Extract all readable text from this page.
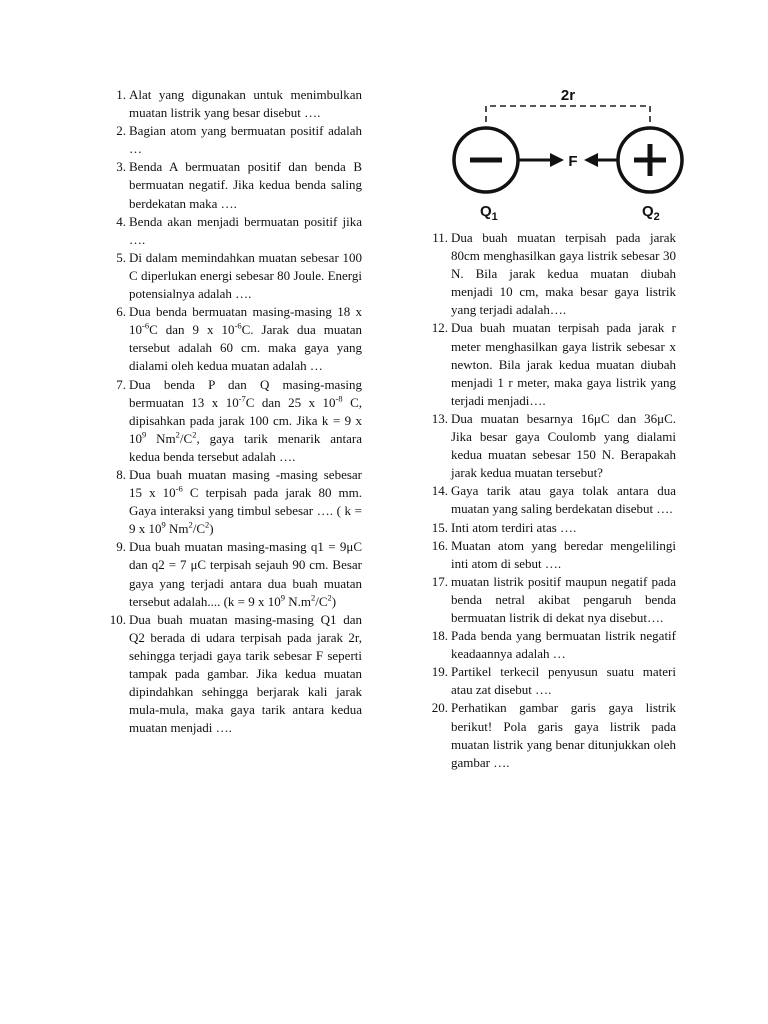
1. Alat yang digunakan untuk menimbulkan muatan listrik yang besar disebut ….
2. Bagian atom yang bermuatan positif adalah …
3. Benda A bermuatan positif dan benda B bermuatan negatif. Jika kedua benda saling berdekatan maka ….
4. Benda akan menjadi bermuatan positif jika ….
5. Di dalam memindahkan muatan sebesar 100 C diperlukan energi sebesar 80 Joule. Energi potensialnya adalah ….
6. Dua benda bermuatan masing-masing 18 x $10^{-6}C$ dan 9 x $10^{-6}C$. Jarak dua muatan tersebut adalah 60 cm. maka gaya yang dialami oleh kedua muatan adalah …
7. Dua benda P dan Q masing-masing bermuatan 13 x $10^{-7}C$ dan 25 x $10^{-8}$ C, dipisahkan pada jarak 100 cm. Jika k = 9 x $10^9$ $Nm^2/C^2$, gaya tarik menarik antara kedua benda tersebut adalah ….
8. Dua buah muatan masing -masing sebesar 15 x $10^{-6}$ C terpisah pada jarak 80 mm. Gaya interaksi yang timbul sebesar …. ( k = 9 x $10^9$ $Nm^2/C^2$)
9. Dua buah muatan masing-masing q1 = 9μC dan q2 = 7 μC terpisah sejauh 90 cm. Besar gaya yang terjadi antara dua buah muatan tersebut adalah.... (k = 9 x $10^9$ $N.m^2/C^2$)
10. Dua buah muatan masing-masing Q1 dan Q2 berada di udara terpisah pada jarak 2r, sehingga terjadi gaya tarik sebesar F seperti tampak pada gambar. Jika kedua muatan dipindahkan sehingga berjarak kali jarak mula-mula, maka gaya tarik antara kedua muatan menjadi ….
2r
F
$Q_1$	$Q_2$
11. Dua buah muatan terpisah pada jarak 80cm menghasilkan gaya listrik sebesar 30 N. Bila jarak kedua muatan diubah menjadi 10 cm, maka besar gaya listrik yang terjadi adalah….
12. Dua buah muatan terpisah pada jarak r meter menghasilkan gaya listrik sebesar x newton. Bila jarak kedua muatan diubah menjadi 1 r meter, maka gaya listrik yang terjadi menjadi….
13. Dua muatan besarnya 16μC dan 36μC. Jika besar gaya Coulomb yang dialami kedua muatan sebesar 150 N. Berapakah jarak kedua muatan tersebut?
14. Gaya tarik atau gaya tolak antara dua muatan yang saling berdekatan disebut ….
15. Inti atom terdiri atas ….
16. Muatan atom yang beredar mengelilingi inti atom di sebut ….
17. muatan listrik positif maupun negatif pada benda netral akibat pengaruh benda bermuatan listrik di dekat nya disebut….
18. Pada benda yang bermuatan listrik negatif keadaannya adalah …
19. Partikel terkecil penyusun suatu materi atau zat disebut ….
20. Perhatikan gambar garis gaya listrik berikut! Pola garis gaya listrik pada muatan listrik yang benar ditunjukkan oleh gambar ….
